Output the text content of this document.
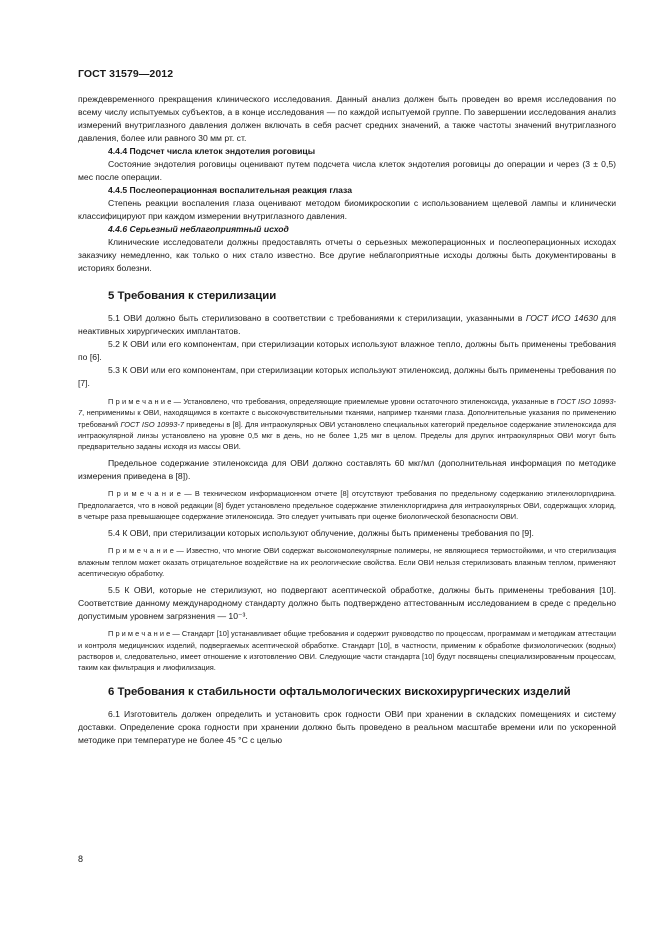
ГОСТ 31579—2012

преждевременного прекращения клинического исследования. Данный анализ должен быть проведен во время исследования по всему числу испытуемых субъектов, а в конце исследования — по каждой испытуемой группе. По завершении исследования анализ измерений внутриглазного давления должен включать в себя расчет средних значений, а также частоты значений внутриглазного давления, более или равного 30 мм рт. ст.

4.4.4 Подсчет числа клеток эндотелия роговицы

Состояние эндотелия роговицы оценивают путем подсчета числа клеток эндотелия роговицы до операции и через (3 ± 0,5) мес после операции.

4.4.5 Послеоперационная воспалительная реакция глаза

Степень реакции воспаления глаза оценивают методом биомикроскопии с использованием щелевой лампы и клинически классифицируют при каждом измерении внутриглазного давления.

4.4.6 Серьезный неблагоприятный исход

Клинические исследователи должны предоставлять отчеты о серьезных межоперационных и послеоперационных исходах заказчику немедленно, как только о них стало известно. Все другие неблагоприятные исходы должны быть документированы в историях болезни.

5 Требования к стерилизации

5.1 ОВИ должно быть стерилизовано в соответствии с требованиями к стерилизации, указанными в ГОСТ ИСО 14630 для неактивных хирургических имплантатов.

5.2 К ОВИ или его компонентам, при стерилизации которых используют влажное тепло, должны быть применены требования по [6].

5.3 К ОВИ или его компонентам, при стерилизации которых используют этиленоксид, должны быть применены требования по [7].

П р и м е ч а н и е — Установлено, что требования, определяющие приемлемые уровни остаточного этиленоксида, указанные в ГОСТ ISO 10993-7, неприменимы к ОВИ, находящимся в контакте с высокочувствительными тканями, например тканями глаза. Дополнительные указания по применению требований ГОСТ ISO 10993-7 приведены в [8]. Для интраокулярных ОВИ установлено специальных категорий предельное содержание этиленоксида для интраокулярной линзы установлено на уровне 0,5 мкг в день, но не более 1,25 мкг в целом. Пределы для других интраокулярных ОВИ могут быть предварительно заданы исходя из массы ОВИ.

Предельное содержание этиленоксида для ОВИ должно составлять 60 мкг/мл (дополнительная информация по методике измерения приведена в [8]).

П р и м е ч а н и е — В техническом информационном отчете [8] отсутствуют требования по предельному содержанию этиленхлоргидрина. Предполагается, что в новой редакции [8] будет установлено предельное содержание этиленхлоргидрина для интраокулярных ОВИ, содержащих хлорид, в четыре раза превышающее содержание этиленоксида. Это следует учитывать при оценке биологической безопасности ОВИ.

5.4 К ОВИ, при стерилизации которых используют облучение, должны быть применены требования по [9].

П р и м е ч а н и е — Известно, что многие ОВИ содержат высокомолекулярные полимеры, не являющиеся термостойкими, и что стерилизация влажным теплом может оказать отрицательное воздействие на их реологические свойства. Если ОВИ нельзя стерилизовать влажным теплом, применяют асептическую обработку.

5.5 К ОВИ, которые не стерилизуют, но подвергают асептической обработке, должны быть применены требования [10]. Соответствие данному международному стандарту должно быть подтверждено аттестованным исследованием в среде с предельно допустимым уровнем загрязнения — 10⁻³.

П р и м е ч а н и е — Стандарт [10] устанавливает общие требования и содержит руководство по процессам, программам и методикам аттестации и контроля медицинских изделий, подвергаемых асептической обработке. Стандарт [10], в частности, применим к обработке физиологических (водных) растворов и, следовательно, имеет отношение к изготовлению ОВИ. Следующие части стандарта [10] будут посвящены специализированным процессам, таким как фильтрация и лиофилизация.

6 Требования к стабильности офтальмологических вискохирургических изделий

6.1 Изготовитель должен определить и установить срок годности ОВИ при хранении в складских помещениях и систему доставки. Определение срока годности при хранении должно быть проведено в реальном масштабе времени или по ускоренной методике при температуре не более 45 °С с целью

8
